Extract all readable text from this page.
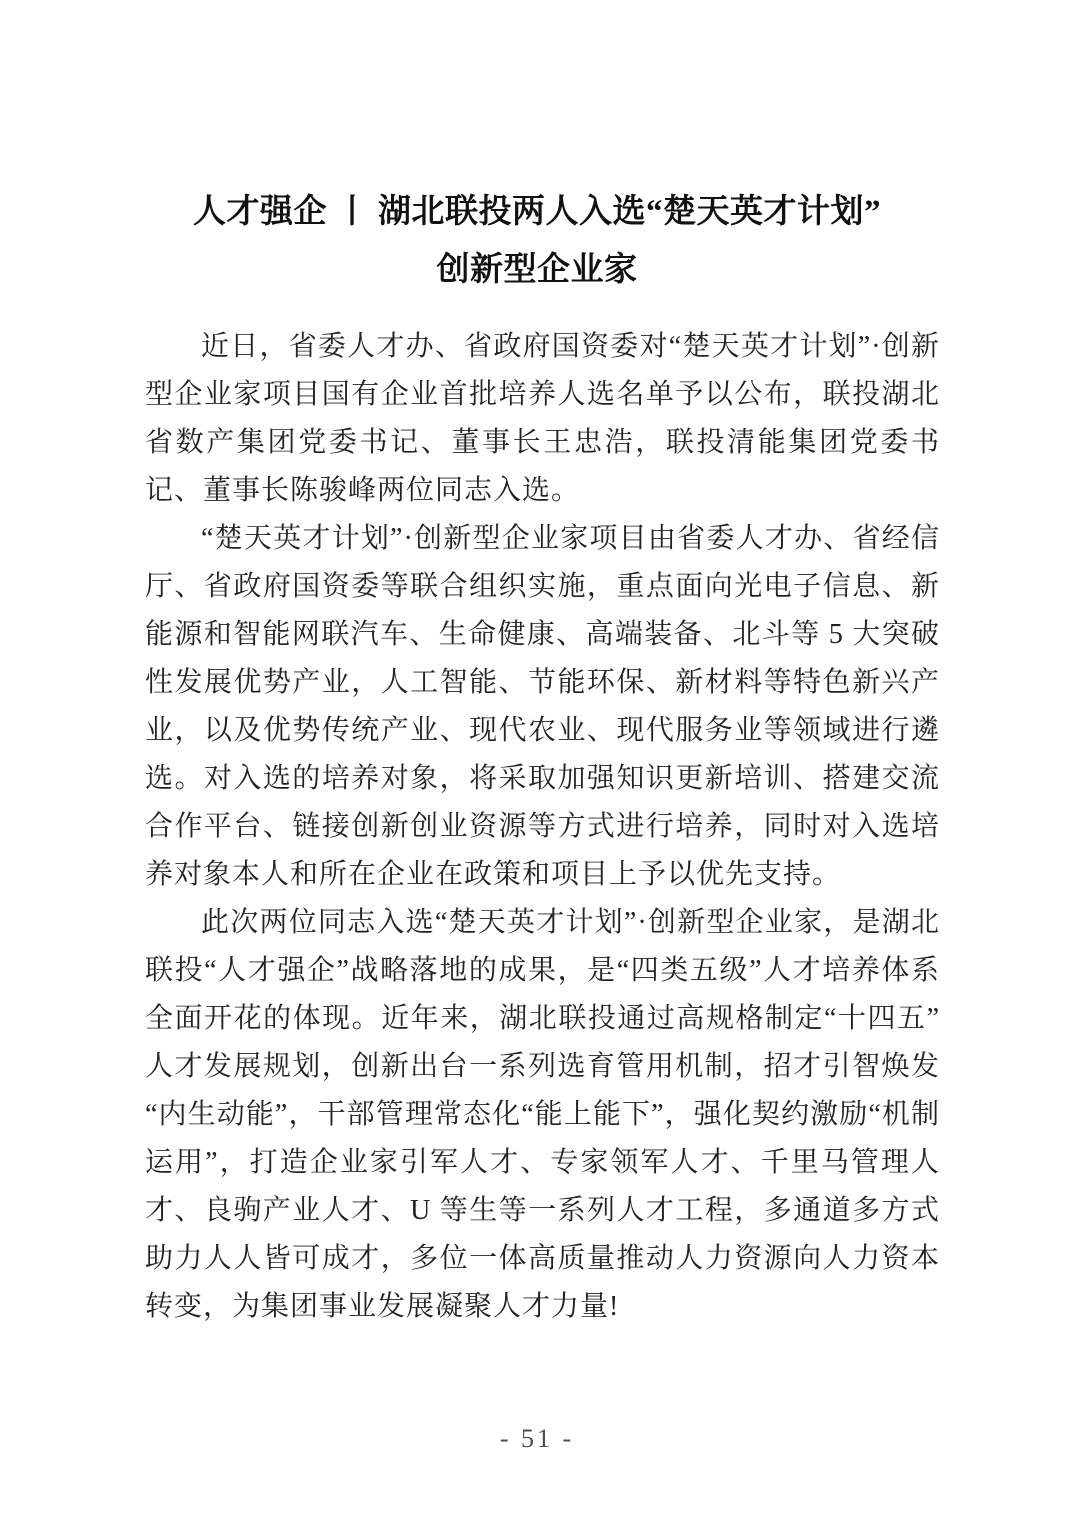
人才强企 丨 湖北联投两人入选“楚天英才计划”
创新型企业家

近日，省委人才办、省政府国资委对“楚天英才计划”·创新型企业家项目国有企业首批培养人选名单予以公布，联投湖北省数产集团党委书记、董事长王忠浩，联投清能集团党委书记、董事长陈骏峰两位同志入选。

“楚天英才计划”·创新型企业家项目由省委人才办、省经信厅、省政府国资委等联合组织实施，重点面向光电子信息、新能源和智能网联汽车、生命健康、高端装备、北斗等 5 大突破性发展优势产业，人工智能、节能环保、新材料等特色新兴产业，以及优势传统产业、现代农业、现代服务业等领域进行遴选。对入选的培养对象，将采取加强知识更新培训、搭建交流合作平台、链接创新创业资源等方式进行培养，同时对入选培养对象本人和所在企业在政策和项目上予以优先支持。

此次两位同志入选“楚天英才计划”·创新型企业家，是湖北联投“人才强企”战略落地的成果，是“四类五级”人才培养体系全面开花的体现。近年来，湖北联投通过高规格制定“十四五”人才发展规划，创新出台一系列选育管用机制，招才引智焕发“内生动能”，干部管理常态化“能上能下”，强化契约激励“机制运用”，打造企业家引军人才、专家领军人才、千里马管理人才、良驹产业人才、U 等生等一系列人才工程，多通道多方式助力人人皆可成才，多位一体高质量推动人力资源向人力资本转变，为集团事业发展凝聚人才力量!

- 51 -
